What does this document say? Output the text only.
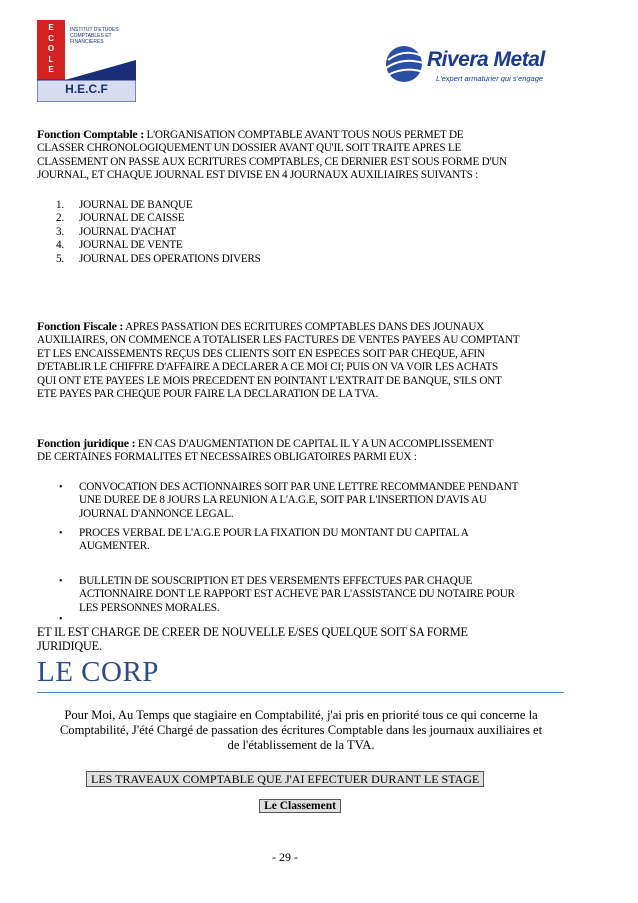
E
C
O
L
E
INSTITUT D'ETUDES COMPTABLES ET FINANCIERES
H.E.C.F
Rivera Metal
L'expert armaturier qui s'engage
Fonction Comptable : L'ORGANISATION COMPTABLE AVANT TOUS NOUS PERMET DE
CLASSER CHRONOLOGIQUEMENT UN DOSSIER AVANT QU'IL SOIT TRAITE APRES LE
CLASSEMENT ON PASSE AUX ECRITURES COMPTABLES, CE DERNIER EST SOUS FORME D'UN
JOURNAL, ET CHAQUE JOURNAL EST DIVISE EN 4 JOURNAUX AUXILIAIRES SUIVANTS :
1. JOURNAL DE BANQUE
2. JOURNAL DE CAISSE
3. JOURNAL D'ACHAT
4. JOURNAL DE VENTE
5. JOURNAL DES OPERATIONS DIVERS
Fonction Fiscale : APRES PASSATION DES ECRITURES COMPTABLES DANS DES JOUNAUX
AUXILIAIRES, ON COMMENCE A TOTALISER LES FACTURES DE VENTES PAYEES AU COMPTANT
ET LES ENCAISSEMENTS REÇUS DES CLIENTS SOIT EN ESPECES SOIT PAR CHEQUE, AFIN
D'ETABLIR LE CHIFFRE D'AFFAIRE A DECLARER A CE MOI CI; PUIS ON VA VOIR LES ACHATS
QUI ONT ETE PAYEES LE MOIS PRECEDENT EN POINTANT L'EXTRAIT DE BANQUE, S'ILS ONT
ETE PAYES PAR CHEQUE POUR FAIRE LA DECLARATION DE LA TVA.
Fonction juridique : EN CAS D'AUGMENTATION DE CAPITAL IL Y A UN ACCOMPLISSEMENT
DE CERTAINES FORMALITES ET NECESSAIRES OBLIGATOIRES PARMI EUX :
• CONVOCATION DES ACTIONNAIRES SOIT PAR UNE LETTRE RECOMMANDEE PENDANT
UNE DUREE DE 8 JOURS LA REUNION A L'A.G.E, SOIT PAR L'INSERTION D'AVIS AU
JOURNAL D'ANNONCE LEGAL.
• PROCES VERBAL DE L'A.G.E POUR LA FIXATION DU MONTANT DU CAPITAL A
AUGMENTER.
• BULLETIN DE SOUSCRIPTION ET DES VERSEMENTS EFFECTUES PAR CHAQUE
ACTIONNAIRE DONT LE RAPPORT EST ACHEVE PAR L'ASSISTANCE DU NOTAIRE POUR
LES PERSONNES MORALES.
•
ET IL EST CHARGE DE CREER DE NOUVELLE E/SES QUELQUE SOIT SA FORME
JURIDIQUE.
LE CORP
Pour Moi, Au Temps que stagiaire en Comptabilité, j'ai pris en priorité tous ce qui concerne la
Comptabilité, J'été Chargé de passation des écritures Comptable dans les journaux auxiliaires et
de l'établissement de la TVA.
LES TRAVEAUX COMPTABLE QUE J'AI EFECTUER DURANT LE STAGE
Le Classement
- 29 -
